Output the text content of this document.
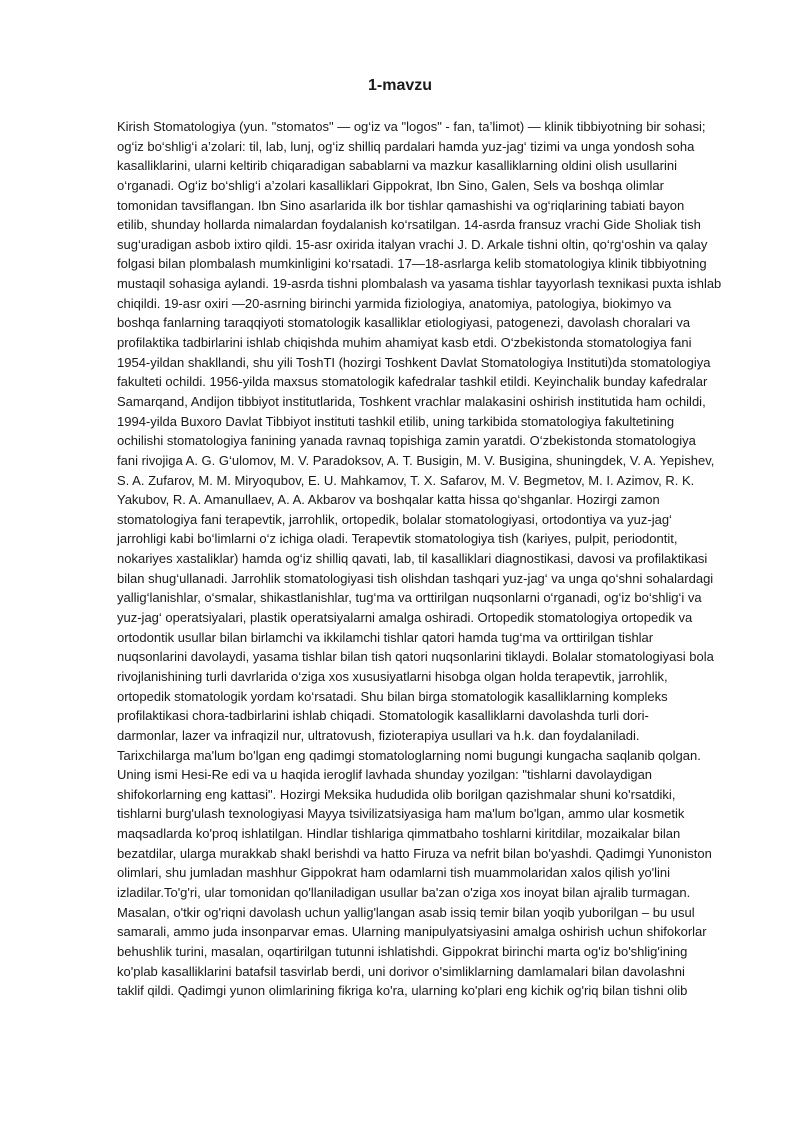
1-mavzu
Kirish Stomatologiya (yun. "stomatos" — og‘iz va "logos" - fan, ta’limot) — klinik tibbiyotning bir sohasi;
og‘iz bo‘shlig‘i a’zolari: til, lab, lunj, og‘iz shilliq pardalari hamda yuz-jag‘ tizimi va unga yondosh soha
kasalliklarini, ularni keltirib chiqaradigan sabablarni va mazkur kasalliklarning oldini olish usullarini
o‘rganadi. Og‘iz bo‘shlig‘i a’zolari kasalliklari Gippokrat, Ibn Sino, Galen, Sels va boshqa olimlar
tomonidan tavsiflangan. Ibn Sino asarlarida ilk bor tishlar qamashishi va og‘riqlarining tabiati bayon
etilib, shunday hollarda nimalardan foydalanish ko‘rsatilgan. 14-asrda fransuz vrachi Gide Sholiak tish
sug‘uradigan asbob ixtiro qildi. 15-asr oxirida italyan vrachi J. D. Arkale tishni oltin, qo‘rg‘oshin va qalay
folgasi bilan plombalash mumkinligini ko‘rsatadi. 17—18-asrlarga kelib stomatologiya klinik tibbiyotning
mustaqil sohasiga aylandi. 19-asrda tishni plombalash va yasama tishlar tayyorlash texnikasi puxta ishlab
chiqildi. 19-asr oxiri —20-asrning birinchi yarmida fiziologiya, anatomiya, patologiya, biokimyo va
boshqa fanlarning taraqqiyoti stomatologik kasalliklar etiologiyasi, patogenezi, davolash choralari va
profilaktika tadbirlarini ishlab chiqishda muhim ahamiyat kasb etdi. O‘zbekistonda stomatologiya fani
1954-yildan shakllandi, shu yili ToshTI (hozirgi Toshkent Davlat Stomatologiya Instituti)da stomatologiya
fakulteti ochildi. 1956-yilda maxsus stomatologik kafedralar tashkil etildi. Keyinchalik bunday kafedralar
Samarqand, Andijon tibbiyot institutlarida, Toshkent vrachlar malakasini oshirish institutida ham ochildi,
1994-yilda Buxoro Davlat Tibbiyot instituti tashkil etilib, uning tarkibida stomatologiya fakultetining
ochilishi stomatologiya fanining yanada ravnaq topishiga zamin yaratdi. O‘zbekistonda stomatologiya
fani rivojiga A. G. G‘ulomov, M. V. Paradoksov, A. T. Busigin, M. V. Busigina, shuningdek, V. A. Yepishev,
S. A. Zufarov, M. M. Miryoqubov, E. U. Mahkamov, T. X. Safarov, M. V. Begmetov, M. I. Azimov, R. K.
Yakubov, R. A. Amanullaev, A. A. Akbarov va boshqalar katta hissa qo‘shganlar. Hozirgi zamon
stomatologiya fani terapevtik, jarrohlik, ortopedik, bolalar stomatologiyasi, ortodontiya va yuz-jag‘
jarrohligi kabi bo‘limlarni o‘z ichiga oladi. Terapevtik stomatologiya tish (kariyes, pulpit, periodontit,
nokariyes xastaliklar) hamda og‘iz shilliq qavati, lab, til kasalliklari diagnostikasi, davosi va profilaktikasi
bilan shug‘ullanadi. Jarrohlik stomatologiyasi tish olishdan tashqari yuz-jag‘ va unga qo‘shni sohalardagi
yallig‘lanishlar, o‘smalar, shikastlanishlar, tug‘ma va orttirilgan nuqsonlarni o‘rganadi, og‘iz bo‘shlig‘i va
yuz-jag‘ operatsiyalari, plastik operatsiyalarni amalga oshiradi. Ortopedik stomatologiya ortopedik va
ortodontik usullar bilan birlamchi va ikkilamchi tishlar qatori hamda tug‘ma va orttirilgan tishlar
nuqsonlarini davolaydi, yasama tishlar bilan tish qatori nuqsonlarini tiklaydi. Bolalar stomatologiyasi bola
rivojlanishining turli davrlarida o‘ziga xos xususiyatlarni hisobga olgan holda terapevtik, jarrohlik,
ortopedik stomatologik yordam ko‘rsatadi. Shu bilan birga stomatologik kasalliklarning kompleks
profilaktikasi chora-tadbirlarini ishlab chiqadi. Stomatologik kasalliklarni davolashda turli dori-
darmonlar, lazer va infraqizil nur, ultratovush, fizioterapiya usullari va h.k. dan foydalaniladi.
Tarixchilarga ma'lum bo'lgan eng qadimgi stomatologlarning nomi bugungi kungacha saqlanib qolgan.
Uning ismi Hesi-Re edi va u haqida ieroglif lavhada shunday yozilgan: "tishlarni davolaydigan
shifokorlarning eng kattasi". Hozirgi Meksika hududida olib borilgan qazishmalar shuni ko'rsatdiki,
tishlarni burg'ulash texnologiyasi Mayya tsivilizatsiyasiga ham ma'lum bo'lgan, ammo ular kosmetik
maqsadlarda ko'proq ishlatilgan. Hindlar tishlariga qimmatbaho toshlarni kiritdilar, mozaikalar bilan
bezatdilar, ularga murakkab shakl berishdi va hatto Firuza va nefrit bilan bo'yashdi. Qadimgi Yunoniston
olimlari, shu jumladan mashhur Gippokrat ham odamlarni tish muammolaridan xalos qilish yo'lini
izladilar.To'g'ri, ular tomonidan qo'llaniladigan usullar ba'zan o'ziga xos inoyat bilan ajralib turmagan.
Masalan, o'tkir og'riqni davolash uchun yallig'langan asab issiq temir bilan yoqib yuborilgan – bu usul
samarali, ammo juda insonparvar emas. Ularning manipulyatsiyasini amalga oshirish uchun shifokorlar
behushlik turini, masalan, oqartirilgan tutunni ishlatishdi. Gippokrat birinchi marta og'iz bo'shlig'ining
ko'plab kasalliklarini batafsil tasvirlab berdi, uni dorivor o'simliklarning damlamalari bilan davolashni
taklif qildi. Qadimgi yunon olimlarining fikriga ko'ra, ularning ko'plari eng kichik og'riq bilan tishni olib
